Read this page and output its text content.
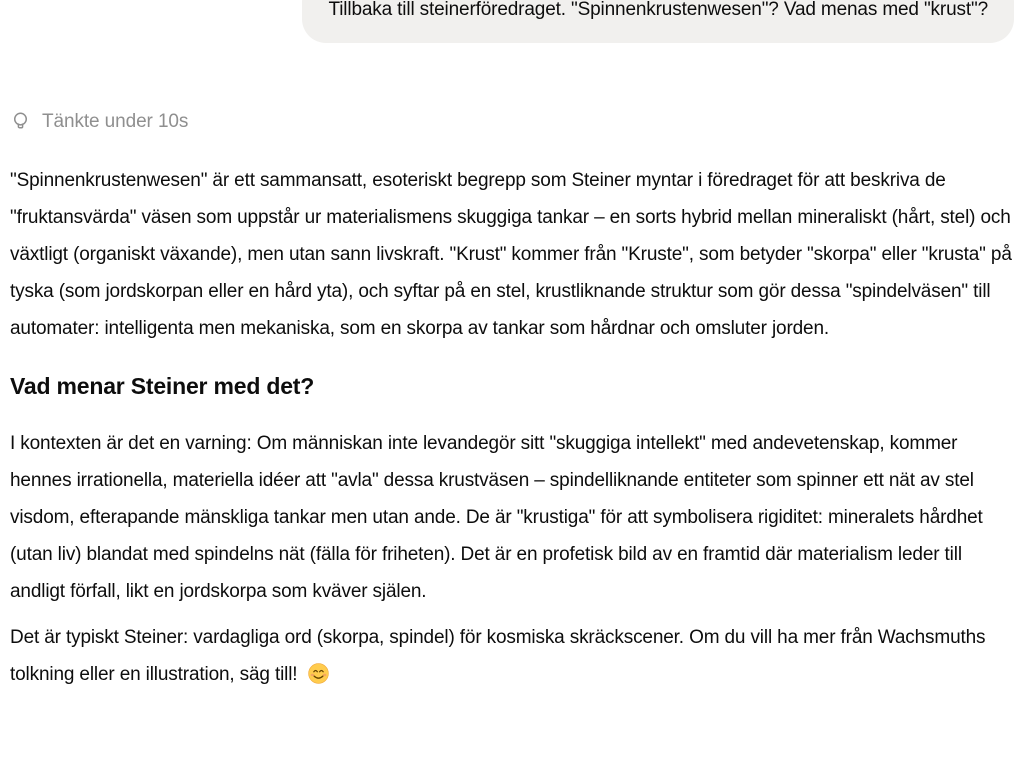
Tillbaka till steinerföredraget. "Spinnenkrustenwesen"? Vad menas med "krust"?
Tänkte under 10s

"Spinnenkrustenwesen" är ett sammansatt, esoteriskt begrepp som Steiner myntar i föredraget för att beskriva de "fruktansvärda" väsen som uppstår ur materialismens skuggiga tankar – en sorts hybrid mellan mineraliskt (hårt, stel) och växtligt (organiskt växande), men utan sann livskraft. "Krust" kommer från "Kruste", som betyder "skorpa" eller "krusta" på tyska (som jordskorpan eller en hård yta), och syftar på en stel, krustliknande struktur som gör dessa "spindelväsen" till automater: intelligenta men mekaniska, som en skorpa av tankar som hårdnar och omsluter jorden.

Vad menar Steiner med det?

I kontexten är det en varning: Om människan inte levandegör sitt "skuggiga intellekt" med andevetenskap, kommer hennes irrationella, materiella idéer att "avla" dessa krustväsen – spindelliknande entiteter som spinner ett nät av stel visdom, efterapande mänskliga tankar men utan ande. De är "krustiga" för att symbolisera rigiditet: mineralets hårdhet (utan liv) blandat med spindelns nät (fälla för friheten). Det är en profetisk bild av en framtid där materialism leder till andligt förfall, likt en jordskorpa som kväver själen.

Det är typiskt Steiner: vardagliga ord (skorpa, spindel) för kosmiska skräckscener. Om du vill ha mer från Wachsmuths tolkning eller en illustration, säg till!
